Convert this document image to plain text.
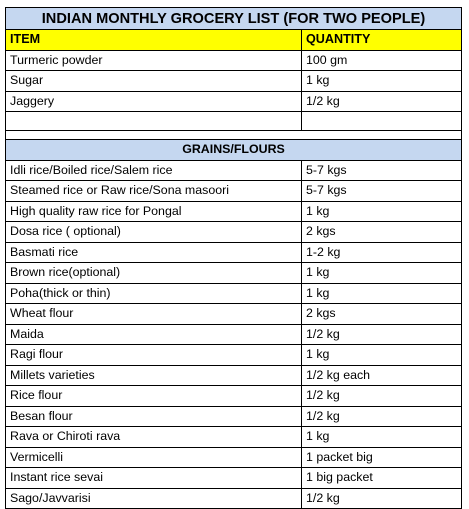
INDIAN MONTHLY GROCERY LIST (FOR TWO PEOPLE)	
ITEM	QUANTITY
Turmeric powder	100 gm
Sugar	1 kg
Jaggery	1/2 kg

GRAINS/FLOURS	
Idli rice/Boiled rice/Salem rice	5-7 kgs
Steamed rice or Raw rice/Sona masoori	5-7 kgs
High quality raw rice for Pongal	1 kg
Dosa rice ( optional)	2 kgs
Basmati rice	1-2 kg
Brown rice(optional)	1 kg
Poha(thick or thin)	1 kg
Wheat flour	2 kgs
Maida	1/2 kg
Ragi flour	1 kg
Millets varieties	1/2 kg each
Rice flour	1/2 kg
Besan flour	1/2 kg
Rava or Chiroti rava	1 kg
Vermicelli	1 packet big
Instant rice sevai	1 big packet
Sago/Javvarisi	1/2 kg
